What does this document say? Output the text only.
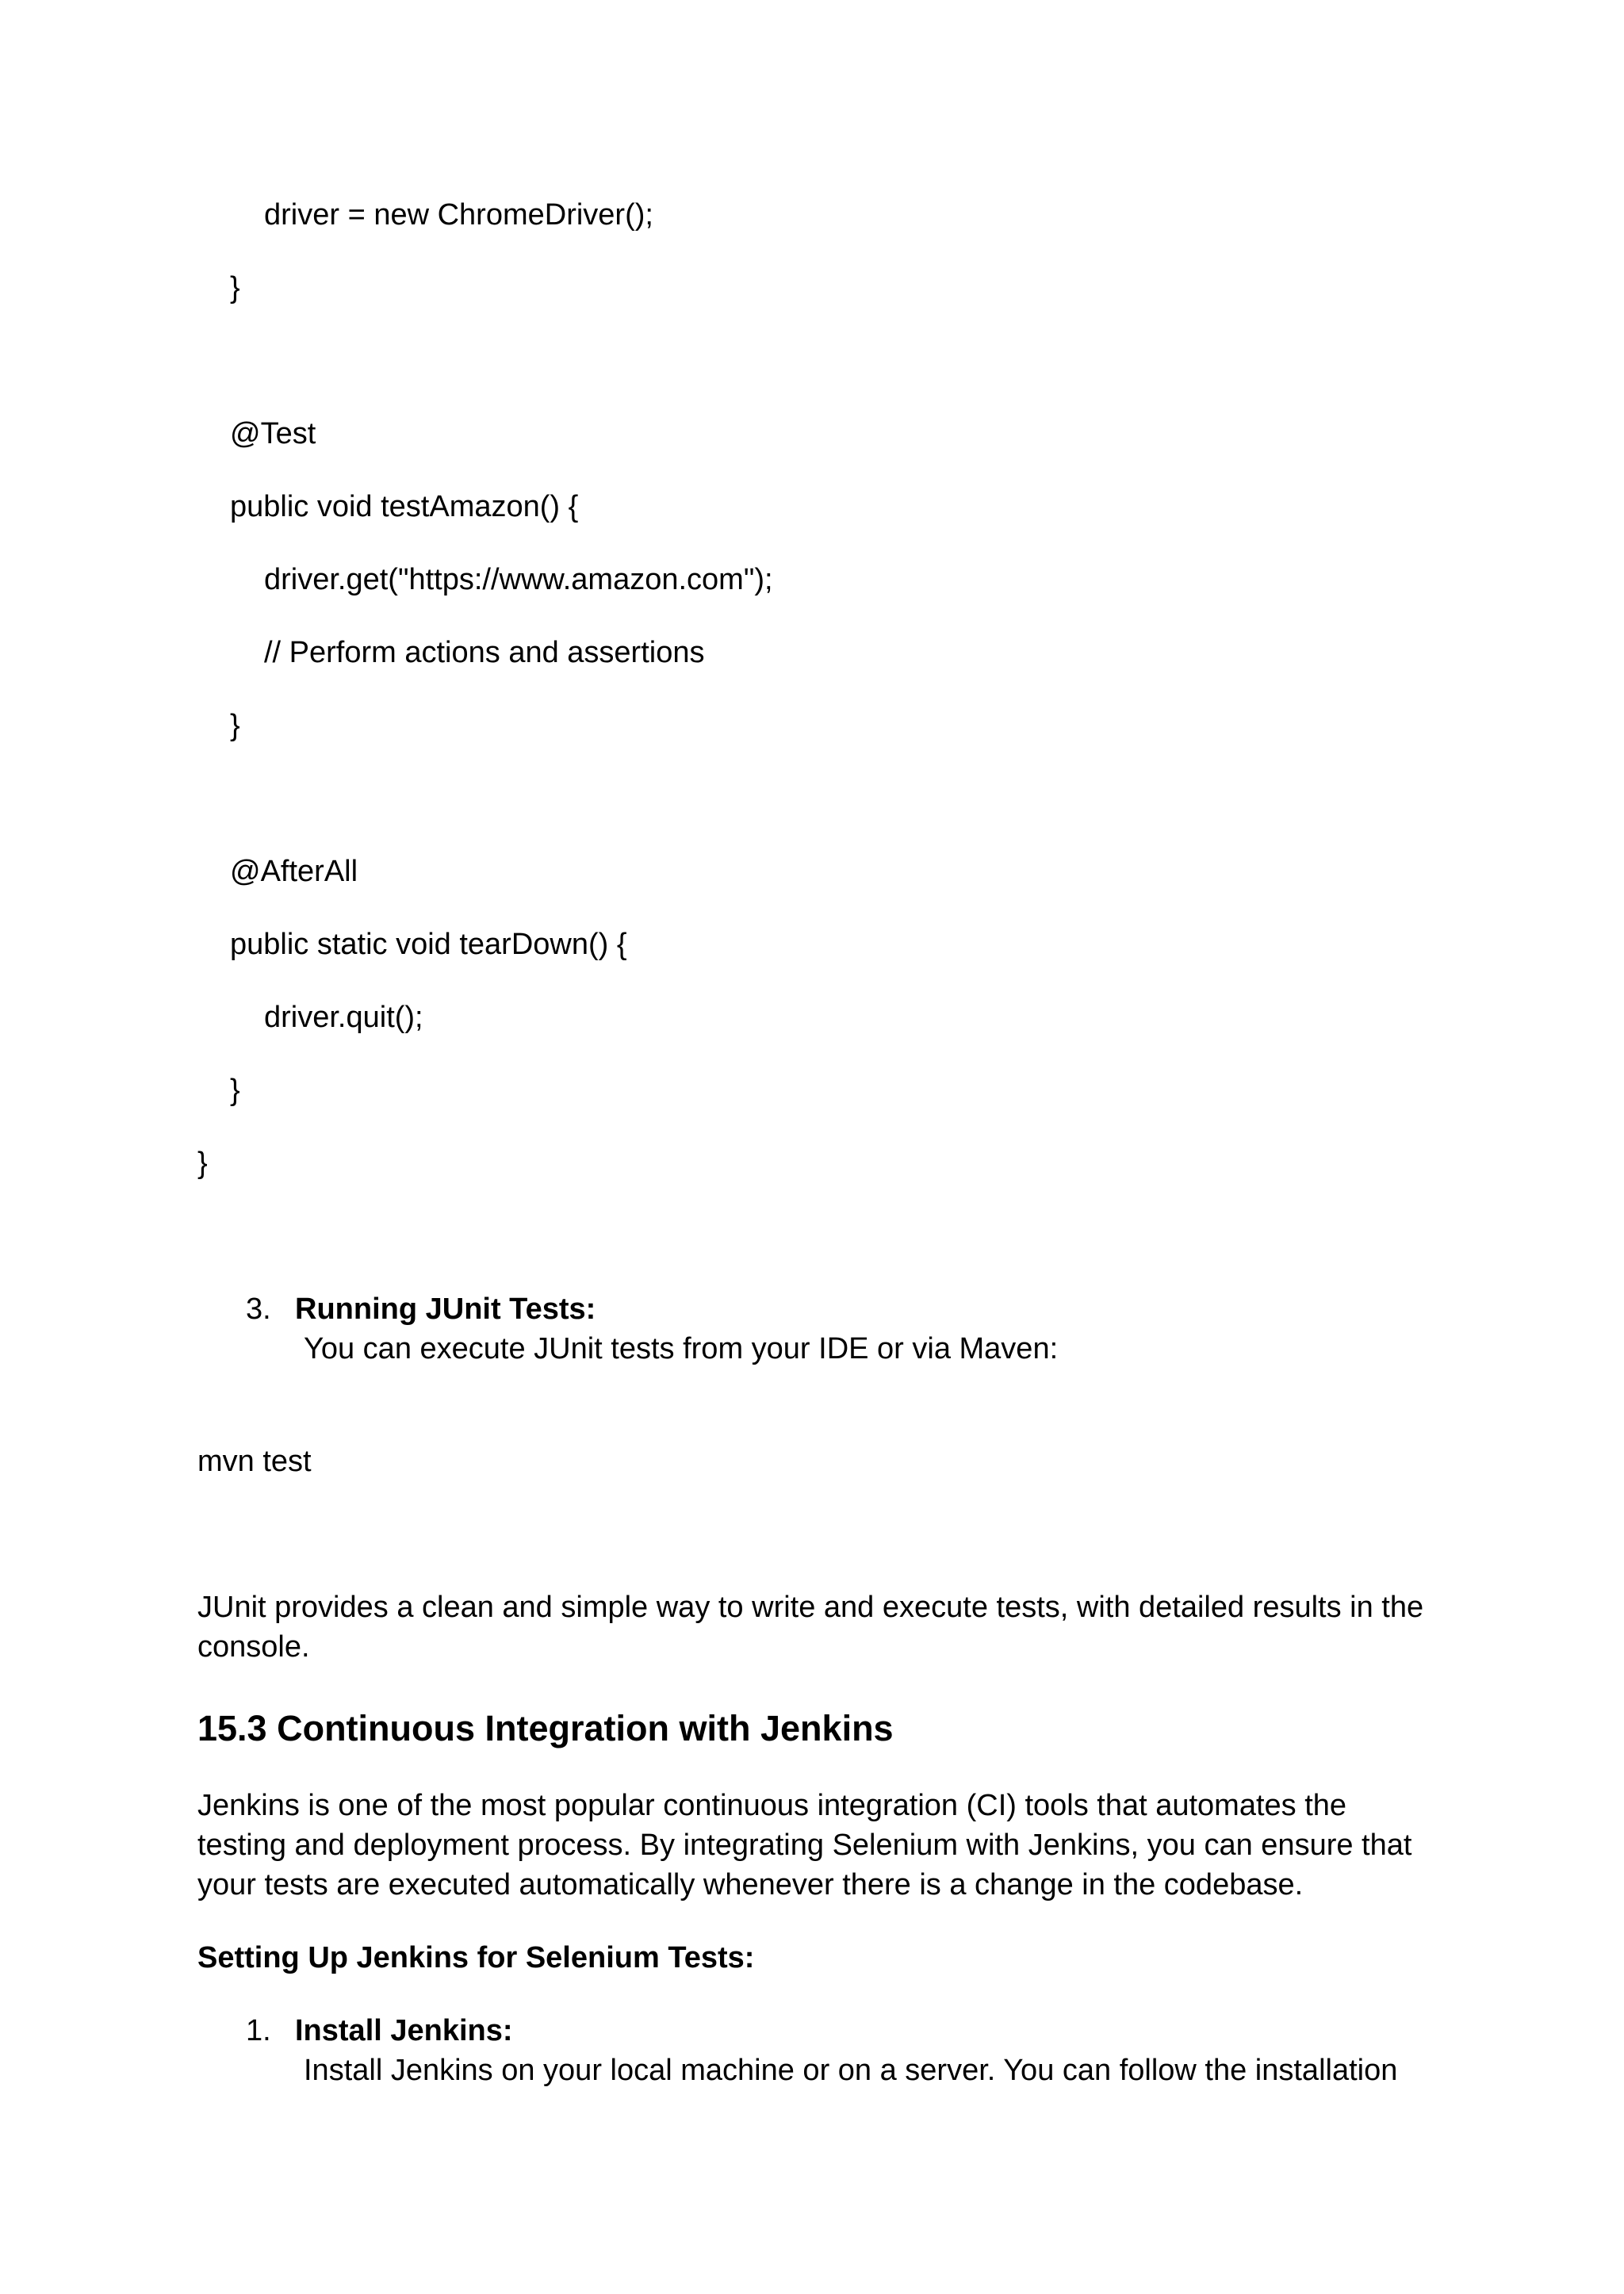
driver = new ChromeDriver();

}

@Test

public void testAmazon() {

driver.get("https://www.amazon.com");

// Perform actions and assertions

}

@AfterAll

public static void tearDown() {

driver.quit();

}

}

3. Running JUnit Tests:
You can execute JUnit tests from your IDE or via Maven:

mvn test

JUnit provides a clean and simple way to write and execute tests, with detailed results in the console.

15.3 Continuous Integration with Jenkins

Jenkins is one of the most popular continuous integration (CI) tools that automates the testing and deployment process. By integrating Selenium with Jenkins, you can ensure that your tests are executed automatically whenever there is a change in the codebase.

Setting Up Jenkins for Selenium Tests:

1. Install Jenkins:
Install Jenkins on your local machine or on a server. You can follow the installation
